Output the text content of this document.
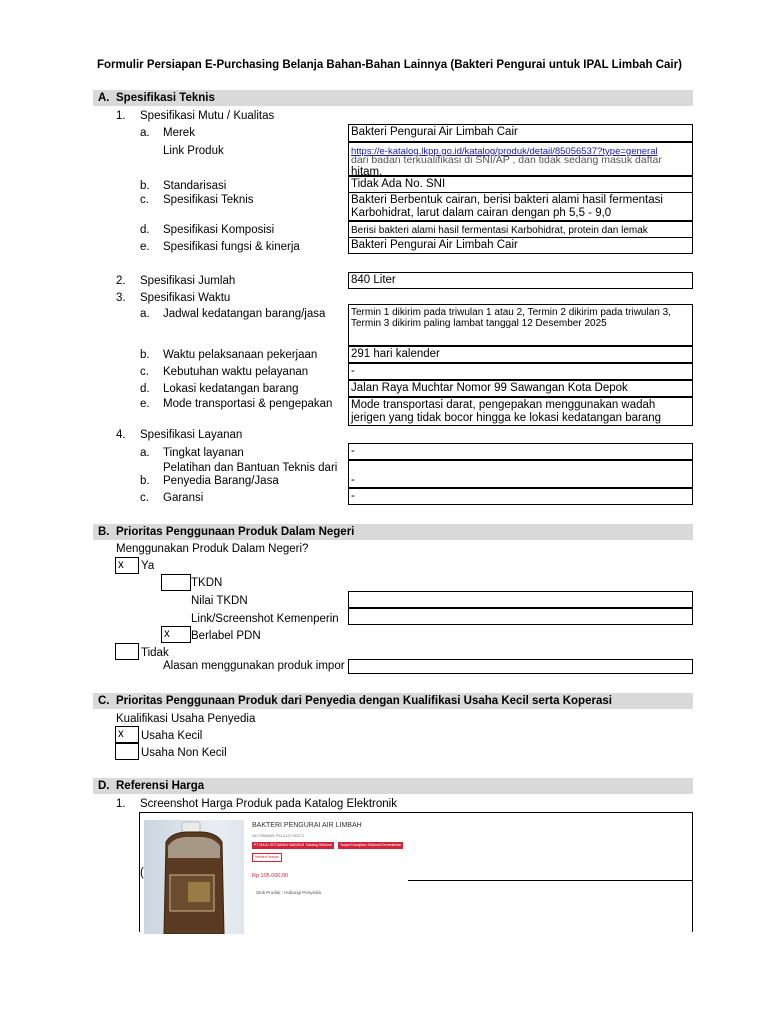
Formulir Persiapan E-Purchasing Belanja Bahan-Bahan Lainnya (Bakteri Pengurai untuk IPAL Limbah Cair)
A. Spesifikasi Teknis
1. Spesifikasi Mutu / Kualitas
a. Merek	Bakteri Pengurai Air Limbah Cair
Link Produk	https://e-katalog.lkpp.go.id/katalog/produk/detail/85056537?type=general
dari badan terkualifikasi di SNI/AP , dan tidak sedang masuk daftar
hitam.
b. Standarisasi	Tidak Ada No. SNI
c. Spesifikasi Teknis	Bakteri Berbentuk cairan, berisi bakteri alami hasil fermentasi Karbohidrat, larut dalam cairan dengan ph 5,5 - 9,0
d. Spesifikasi Komposisi	Berisi bakteri alami hasil fermentasi Karbohidrat, protein dan lemak
e. Spesifikasi fungsi & kinerja	Bakteri Pengurai Air Limbah Cair
2. Spesifikasi Jumlah	840 Liter
3. Spesifikasi Waktu
a. Jadwal kedatangan barang/jasa	Termin 1 dikirim pada triwulan 1 atau 2, Termin 2 dikirim pada triwulan 3, Termin 3 dikirim paling lambat tanggal 12 Desember 2025
b. Waktu pelaksanaan pekerjaan	291 hari kalender
c. Kebutuhan waktu pelayanan	-
d. Lokasi kedatangan barang	Jalan Raya Muchtar Nomor 99 Sawangan Kota Depok
e. Mode transportasi & pengepakan Mode transportasi darat, pengepakan menggunakan wadah jerigen yang tidak bocor hingga ke lokasi kedatangan barang
4. Spesifikasi Layanan
a. Tingkat layanan	-
Pelatihan dan Bantuan Teknis dari
b. Penyedia Barang/Jasa	-
c. Garansi	-
B. Prioritas Penggunaan Produk Dalam Negeri
Menggunakan Produk Dalam Negeri?
x	Ya
TKDN
Nilai TKDN
Link/Screenshot Kemenperin
x	Berlabel PDN
Tidak
Alasan menggunakan produk impor
C. Prioritas Penggunaan Produk dari Penyedia dengan Kualifikasi Usaha Kecil serta Koperasi
Kualifikasi Usaha Penyedia
x	Usaha Kecil
Usaha Non Kecil
D. Referensi Harga
1. Screenshot Harga Produk pada Katalog Elektronik
(
BAKTERI PENGURAI AIR LIMBAH
4417068899-FSL3137-96271
PT MAJU SETIAWAN MAKMUR Katalog Sektoral	Tanpa Kewajiban Sektoral Kementerian
Verified Vendor
Rp 105.000,00
Stok Produk : Hubungi Penyedia
